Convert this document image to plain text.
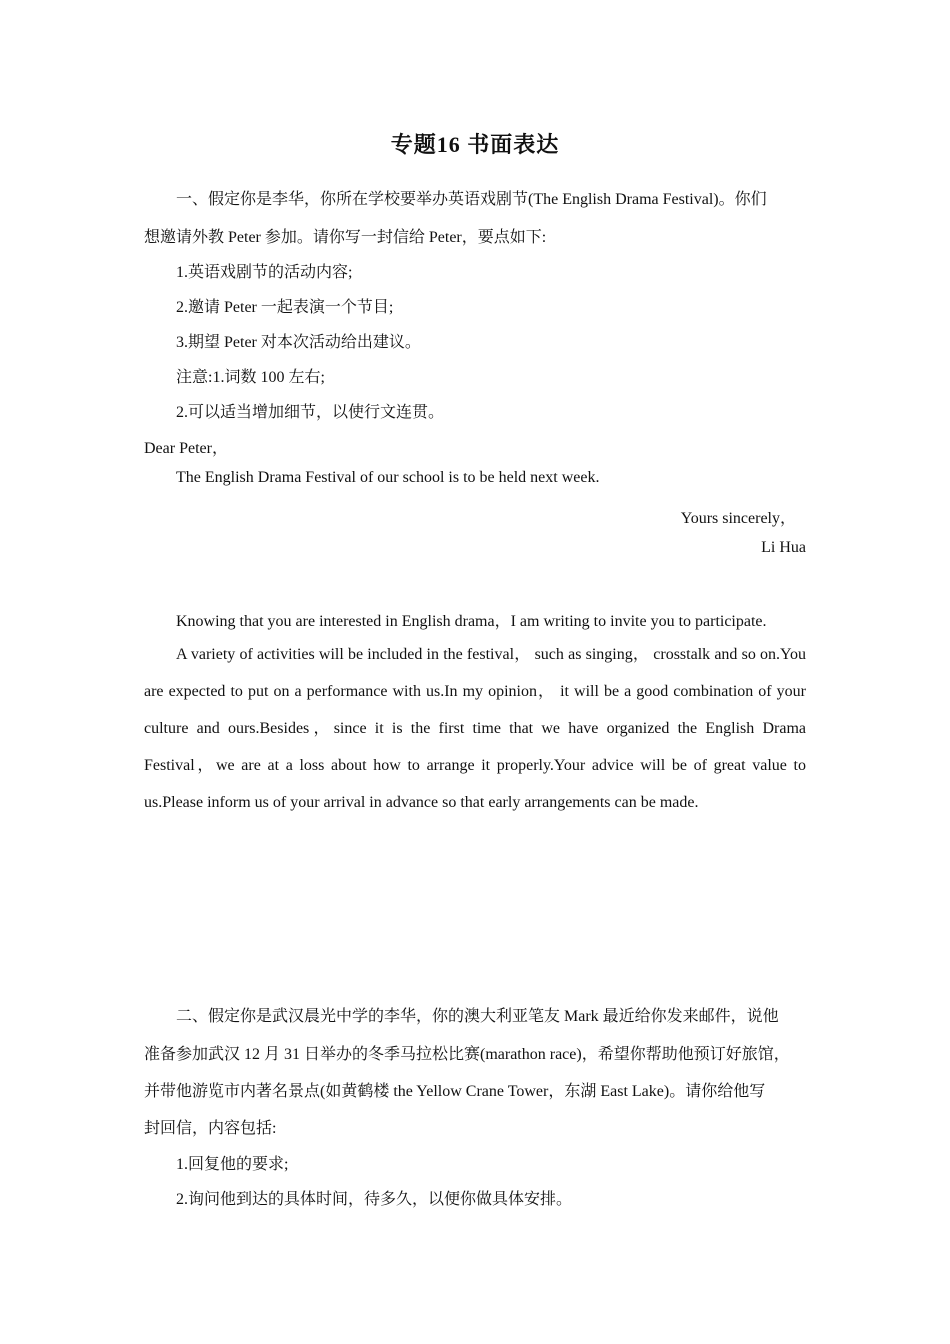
专题16 书面表达
一、假定你是李华，你所在学校要举办英语戏剧节(The English Drama Festival)。你们
想邀请外教 Peter 参加。请你写一封信给 Peter，要点如下:
1.英语戏剧节的活动内容;
2.邀请 Peter 一起表演一个节目;
3.期望 Peter 对本次活动给出建议。
注意:1.词数 100 左右;
2.可以适当增加细节，以使行文连贯。
Dear Peter，
The English Drama Festival of our school is to be held next week.
Yours sincerely，
Li Hua
Knowing that you are interested in English drama，I am writing to invite you to participate.

A variety of activities will be included in the festival， such as singing， crosstalk and so on.You are expected to put on a performance with us.In my opinion， it will be a good combination of your culture and ours.Besides，since it is the first time that we have organized the English Drama Festival，we are at a loss about how to arrange it properly.Your advice will be of great value to us.Please inform us of your arrival in advance so that early arrangements can be made.

二、假定你是武汉晨光中学的李华，你的澳大利亚笔友 Mark 最近给你发来邮件，说他
准备参加武汉 12 月 31 日举办的冬季马拉松比赛(marathon race)，希望你帮助他预订好旅馆，
并带他游览市内著名景点(如黄鹤楼 the Yellow Crane Tower，东湖 East Lake)。请你给他写
封回信，内容包括:
1.回复他的要求;
2.询问他到达的具体时间，待多久，以便你做具体安排。
